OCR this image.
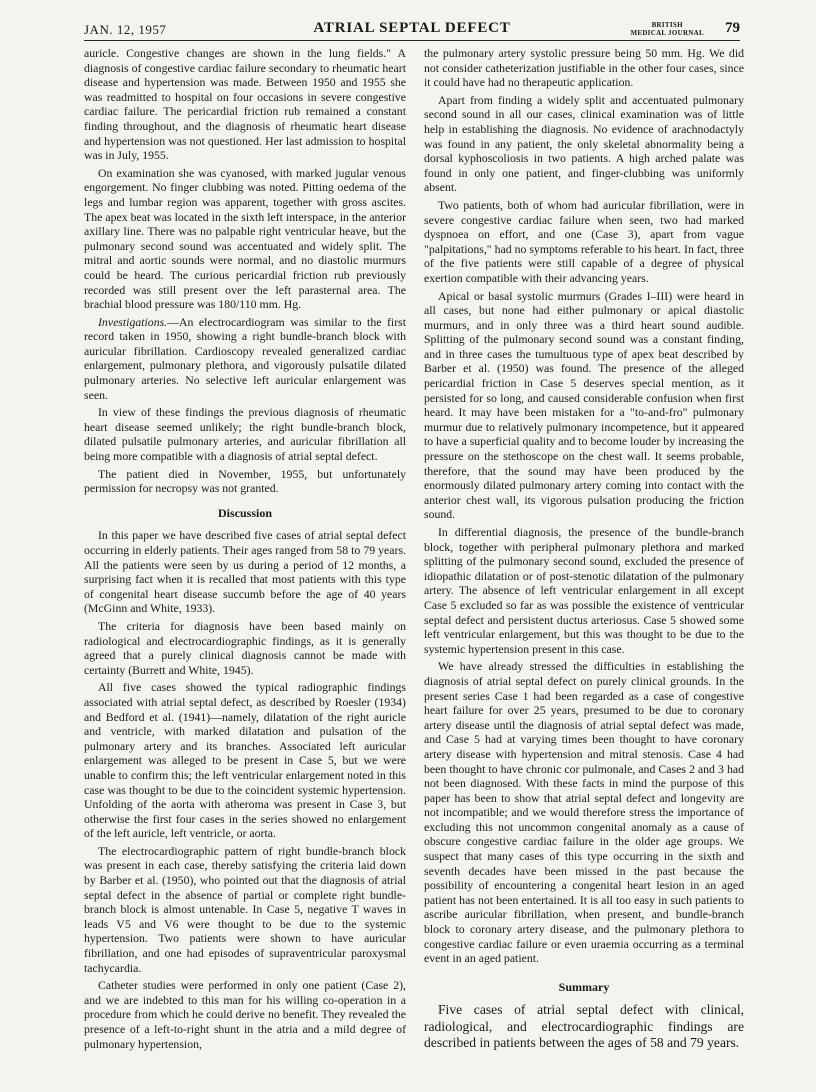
JAN. 12, 1957	ATRIAL SEPTAL DEFECT	BRITISH
MEDICAL JOURNAL 79

auricle. Congestive changes are shown in the lung fields." A diagnosis of congestive cardiac failure secondary to rheumatic heart disease and hypertension was made. Between 1950 and 1955 she was readmitted to hospital on four occasions in severe congestive cardiac failure. The pericardial friction rub remained a constant finding throughout, and the diagnosis of rheumatic heart disease and hypertension was not questioned. Her last admission to hospital was in July, 1955.

On examination she was cyanosed, with marked jugular venous engorgement. No finger clubbing was noted. Pitting oedema of the legs and lumbar region was apparent, together with gross ascites. The apex beat was located in the sixth left interspace, in the anterior axillary line. There was no palpable right ventricular heave, but the pulmonary second sound was accentuated and widely split. The mitral and aortic sounds were normal, and no diastolic murmurs could be heard. The curious pericardial friction rub previously recorded was still present over the left parasternal area. The brachial blood pressure was 180/110 mm. Hg.

Investigations.—An electrocardiogram was similar to the first record taken in 1950, showing a right bundle-branch block with auricular fibrillation. Cardioscopy revealed generalized cardiac enlargement, pulmonary plethora, and vigorously pulsatile dilated pulmonary arteries. No selective left auricular enlargement was seen.

In view of these findings the previous diagnosis of rheumatic heart disease seemed unlikely; the right bundle-branch block, dilated pulsatile pulmonary arteries, and auricular fibrillation all being more compatible with a diagnosis of atrial septal defect.

The patient died in November, 1955, but unfortunately permission for necropsy was not granted.

Discussion

In this paper we have described five cases of atrial septal defect occurring in elderly patients. Their ages ranged from 58 to 79 years. All the patients were seen by us during a period of 12 months, a surprising fact when it is recalled that most patients with this type of congenital heart disease succumb before the age of 40 years (McGinn and White, 1933).

The criteria for diagnosis have been based mainly on radiological and electrocardiographic findings, as it is generally agreed that a purely clinical diagnosis cannot be made with certainty (Burrett and White, 1945).

All five cases showed the typical radiographic findings associated with atrial septal defect, as described by Roesler (1934) and Bedford et al. (1941)—namely, dilatation of the right auricle and ventricle, with marked dilatation and pulsation of the pulmonary artery and its branches. Associated left auricular enlargement was alleged to be present in Case 5, but we were unable to confirm this; the left ventricular enlargement noted in this case was thought to be due to the coincident systemic hypertension. Unfolding of the aorta with atheroma was present in Case 3, but otherwise the first four cases in the series showed no enlargement of the left auricle, left ventricle, or aorta.

The electrocardiographic pattern of right bundle-branch block was present in each case, thereby satisfying the criteria laid down by Barber et al. (1950), who pointed out that the diagnosis of atrial septal defect in the absence of partial or complete right bundle-branch block is almost untenable. In Case 5, negative T waves in leads V5 and V6 were thought to be due to the systemic hypertension. Two patients were shown to have auricular fibrillation, and one had episodes of supraventricular paroxysmal tachycardia.

Catheter studies were performed in only one patient (Case 2), and we are indebted to this man for his willing co-operation in a procedure from which he could derive no benefit. They revealed the presence of a left-to-right shunt in the atria and a mild degree of pulmonary hypertension,

the pulmonary artery systolic pressure being 50 mm. Hg. We did not consider catheterization justifiable in the other four cases, since it could have had no therapeutic application.

Apart from finding a widely split and accentuated pulmonary second sound in all our cases, clinical examination was of little help in establishing the diagnosis. No evidence of arachnodactyly was found in any patient, the only skeletal abnormality being a dorsal kyphoscoliosis in two patients. A high arched palate was found in only one patient, and finger-clubbing was uniformly absent.

Two patients, both of whom had auricular fibrillation, were in severe congestive cardiac failure when seen, two had marked dyspnoea on effort, and one (Case 3), apart from vague "palpitations," had no symptoms referable to his heart. In fact, three of the five patients were still capable of a degree of physical exertion compatible with their advancing years.

Apical or basal systolic murmurs (Grades I–III) were heard in all cases, but none had either pulmonary or apical diastolic murmurs, and in only three was a third heart sound audible. Splitting of the pulmonary second sound was a constant finding, and in three cases the tumultuous type of apex beat described by Barber et al. (1950) was found. The presence of the alleged pericardial friction in Case 5 deserves special mention, as it persisted for so long, and caused considerable confusion when first heard. It may have been mistaken for a "to-and-fro" pulmonary murmur due to relatively pulmonary incompetence, but it appeared to have a superficial quality and to become louder by increasing the pressure on the stethoscope on the chest wall. It seems probable, therefore, that the sound may have been produced by the enormously dilated pulmonary artery coming into contact with the anterior chest wall, its vigorous pulsation producing the friction sound.

In differential diagnosis, the presence of the bundle-branch block, together with peripheral pulmonary plethora and marked splitting of the pulmonary second sound, excluded the presence of idiopathic dilatation or of post-stenotic dilatation of the pulmonary artery. The absence of left ventricular enlargement in all except Case 5 excluded so far as was possible the existence of ventricular septal defect and persistent ductus arteriosus. Case 5 showed some left ventricular enlargement, but this was thought to be due to the systemic hypertension present in this case.

We have already stressed the difficulties in establishing the diagnosis of atrial septal defect on purely clinical grounds. In the present series Case 1 had been regarded as a case of congestive heart failure for over 25 years, presumed to be due to coronary artery disease until the diagnosis of atrial septal defect was made, and Case 5 had at varying times been thought to have coronary artery disease with hypertension and mitral stenosis. Case 4 had been thought to have chronic cor pulmonale, and Cases 2 and 3 had not been diagnosed. With these facts in mind the purpose of this paper has been to show that atrial septal defect and longevity are not incompatible; and we would therefore stress the importance of excluding this not uncommon congenital anomaly as a cause of obscure congestive cardiac failure in the older age groups. We suspect that many cases of this type occurring in the sixth and seventh decades have been missed in the past because the possibility of encountering a congenital heart lesion in an aged patient has not been entertained. It is all too easy in such patients to ascribe auricular fibrillation, when present, and bundle-branch block to coronary artery disease, and the pulmonary plethora to congestive cardiac failure or even uraemia occurring as a terminal event in an aged patient.

Summary

Five cases of atrial septal defect with clinical, radiological, and electrocardiographic findings are described in patients between the ages of 58 and 79 years.
